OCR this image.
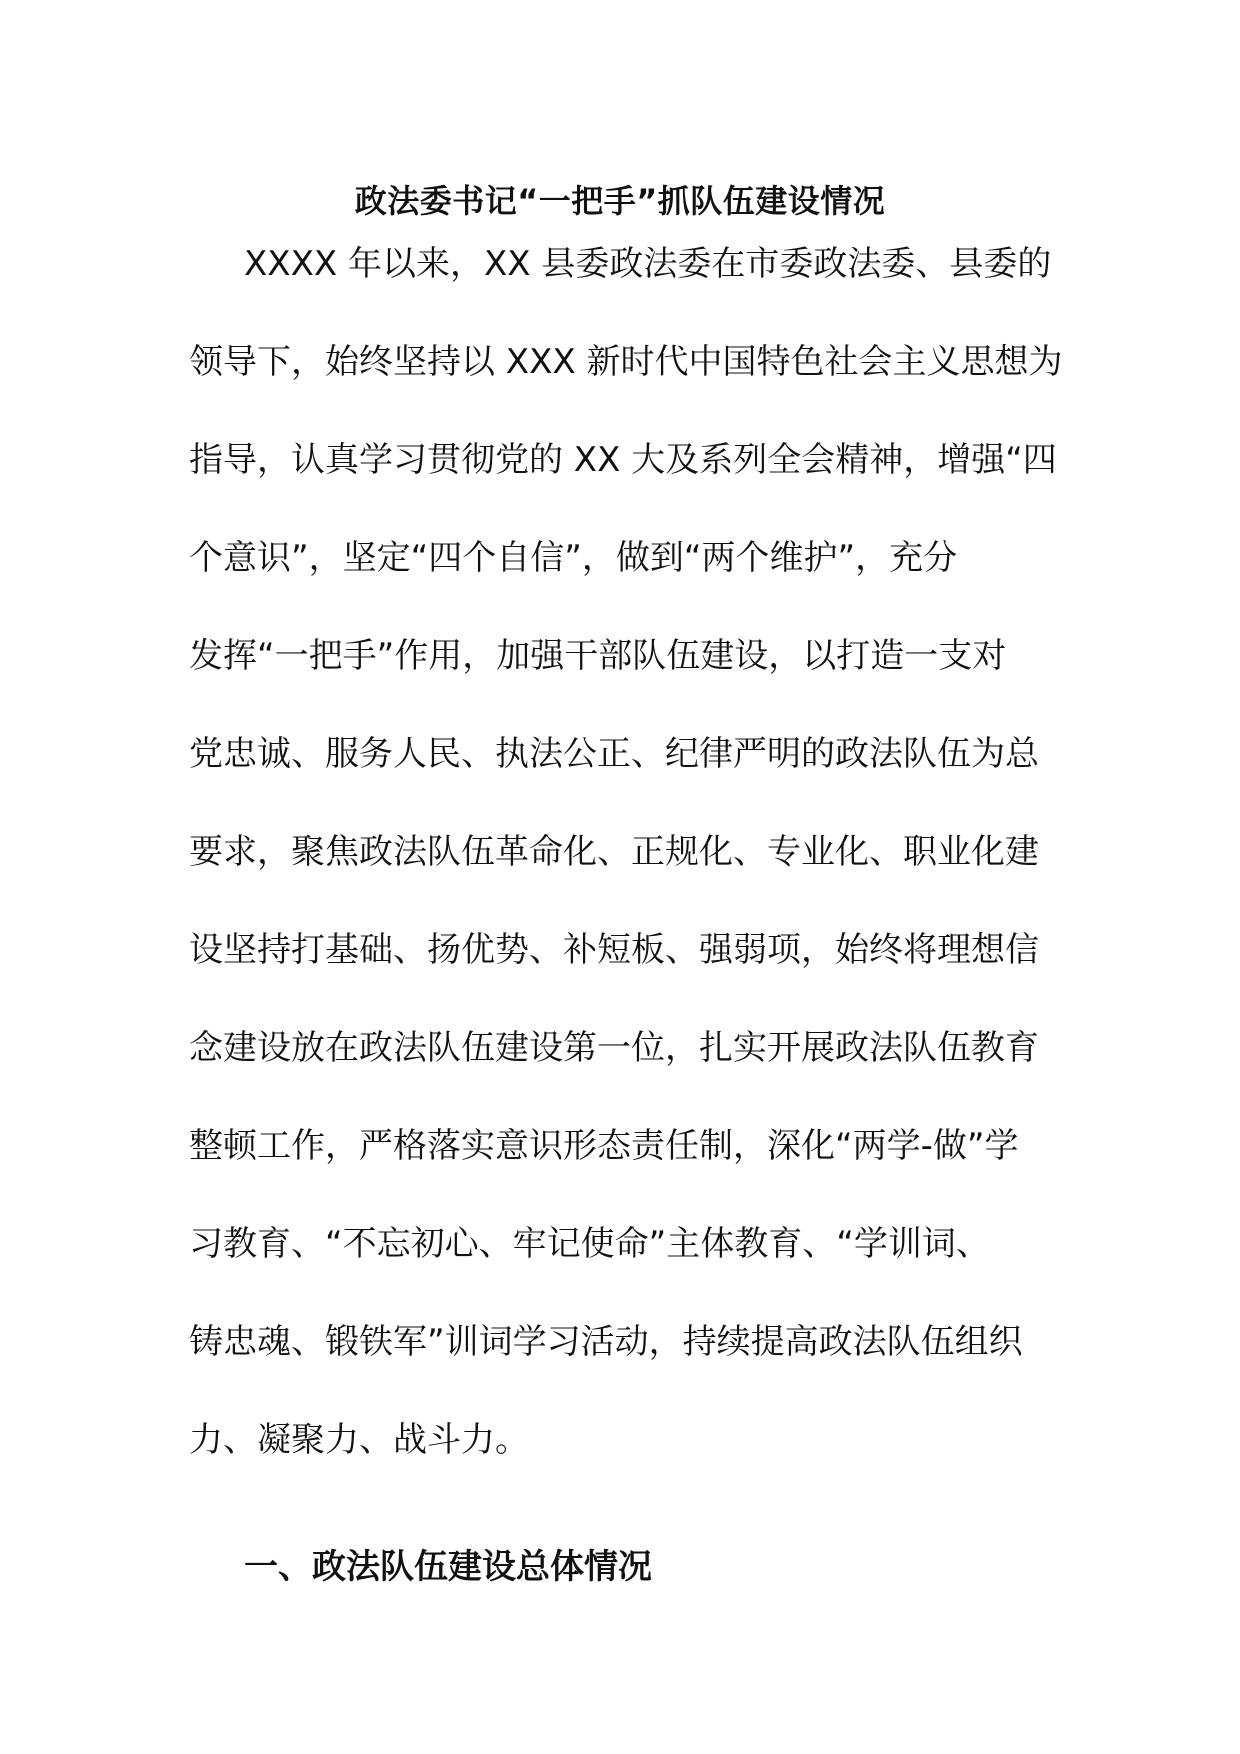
政法委书记“一把手”抓队伍建设情况
XXXX 年以来，XX 县委政法委在市委政法委、县委的
领导下，始终坚持以 XXX 新时代中国特色社会主义思想为
指导，认真学习贯彻党的 XX 大及系列全会精神，增强“四
个意识”，坚定“四个自信”，做到“两个维护”，充分
发挥“一把手”作用，加强干部队伍建设，以打造一支对
党忠诚、服务人民、执法公正、纪律严明的政法队伍为总
要求，聚焦政法队伍革命化、正规化、专业化、职业化建
设坚持打基础、扬优势、补短板、强弱项，始终将理想信
念建设放在政法队伍建设第一位，扎实开展政法队伍教育
整顿工作，严格落实意识形态责任制，深化“两学-做”学
习教育、“不忘初心、牢记使命”主体教育、“学训词、
铸忠魂、锻铁军”训词学习活动，持续提高政法队伍组织
力、凝聚力、战斗力。
一、政法队伍建设总体情况
